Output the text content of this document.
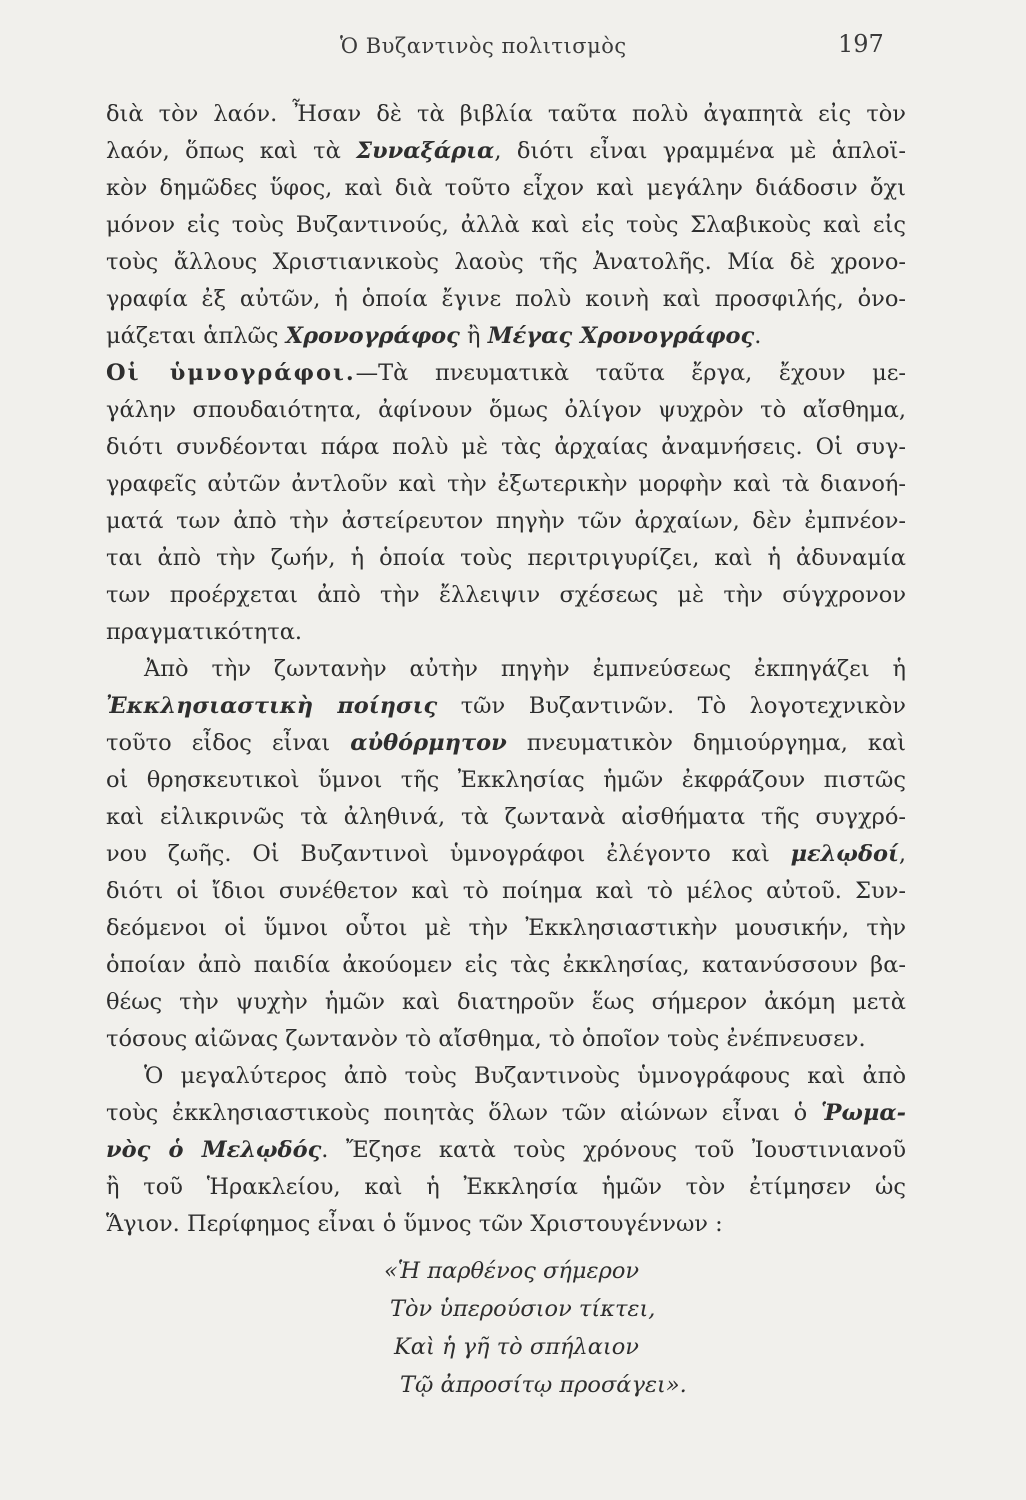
Ὁ Βυζαντινὸς πολιτισμὸς	197
διὰ τὸν λαόν. Ἦσαν δὲ τὰ βιβλία ταῦτα πολὺ ἀγαπητὰ εἰς τὸν
λαόν, ὅπως καὶ τὰ Συναξάρια, διότι εἶναι γραμμένα μὲ ἁπλοϊ-
κὸν δημῶδες ὕφος, καὶ διὰ τοῦτο εἶχον καὶ μεγάλην διάδοσιν ὄχι
μόνον εἰς τοὺς Βυζαντινούς, ἀλλὰ καὶ εἰς τοὺς Σλαβικοὺς καὶ εἰς
τοὺς ἄλλους Χριστιανικοὺς λαοὺς τῆς Ἀνατολῆς. Μία δὲ χρονο-
γραφία ἐξ αὐτῶν, ἡ ὁποία ἔγινε πολὺ κοινὴ καὶ προσφιλής, ὀνο-
μάζεται ἁπλῶς Χρονογράφος ἢ Μέγας Χρονογράφος.
Οἱ ὑμνογράφοι.—Τὰ πνευματικὰ ταῦτα ἔργα, ἔχουν με-
γάλην σπουδαιότητα, ἀφίνουν ὅμως ὀλίγον ψυχρὸν τὸ αἴσθημα,
διότι συνδέονται πάρα πολὺ μὲ τὰς ἀρχαίας ἀναμνήσεις. Οἱ συγ-
γραφεῖς αὐτῶν ἀντλοῦν καὶ τὴν ἐξωτερικὴν μορφὴν καὶ τὰ διανοή-
ματά των ἀπὸ τὴν ἀστείρευτον πηγὴν τῶν ἀρχαίων, δὲν ἐμπνέον-
ται ἀπὸ τὴν ζωήν, ἡ ὁποία τοὺς περιτριγυρίζει, καὶ ἡ ἀδυναμία
των προέρχεται ἀπὸ τὴν ἔλλειψιν σχέσεως μὲ τὴν σύγχρονον
πραγματικότητα.
Ἀπὸ τὴν ζωντανὴν αὐτὴν πηγὴν ἐμπνεύσεως ἐκπηγάζει ἡ
Ἐκκλησιαστικὴ ποίησις τῶν Βυζαντινῶν. Τὸ λογοτεχνικὸν
τοῦτο εἶδος εἶναι αὐθόρμητον πνευματικὸν δημιούργημα, καὶ
οἱ θρησκευτικοὶ ὕμνοι τῆς Ἐκκλησίας ἡμῶν ἐκφράζουν πιστῶς
καὶ εἰλικρινῶς τὰ ἀληθινά, τὰ ζωντανὰ αἰσθήματα τῆς συγχρό-
νου ζωῆς. Οἱ Βυζαντινοὶ ὑμνογράφοι ἐλέγοντο καὶ μελῳδοί,
διότι οἱ ἴδιοι συνέθετον καὶ τὸ ποίημα καὶ τὸ μέλος αὐτοῦ. Συν-
δεόμενοι οἱ ὕμνοι οὗτοι μὲ τὴν Ἐκκλησιαστικὴν μουσικήν, τὴν
ὁποίαν ἀπὸ παιδία ἀκούομεν εἰς τὰς ἐκκλησίας, κατανύσσουν βα-
θέως τὴν ψυχὴν ἡμῶν καὶ διατηροῦν ἕως σήμερον ἀκόμη μετὰ
τόσους αἰῶνας ζωντανὸν τὸ αἴσθημα, τὸ ὁποῖον τοὺς ἐνέπνευσεν.
Ὁ μεγαλύτερος ἀπὸ τοὺς Βυζαντινοὺς ὑμνογράφους καὶ ἀπὸ
τοὺς ἐκκλησιαστικοὺς ποιητὰς ὅλων τῶν αἰώνων εἶναι ὁ Ῥωμα-
νὸς ὁ Μελῳδός. Ἔζησε κατὰ τοὺς χρόνους τοῦ Ἰουστινιανοῦ
ἢ τοῦ Ἡρακλείου, καὶ ἡ Ἐκκλησία ἡμῶν τὸν ἐτίμησεν ὡς
Ἅγιον. Περίφημος εἶναι ὁ ὕμνος τῶν Χριστουγέννων :
«Ἡ παρθένος σήμερον
Τὸν ὑπερούσιον τίκτει,
Καὶ ἡ γῆ τὸ σπήλαιον
Τῷ ἀπροσίτῳ προσάγει».
